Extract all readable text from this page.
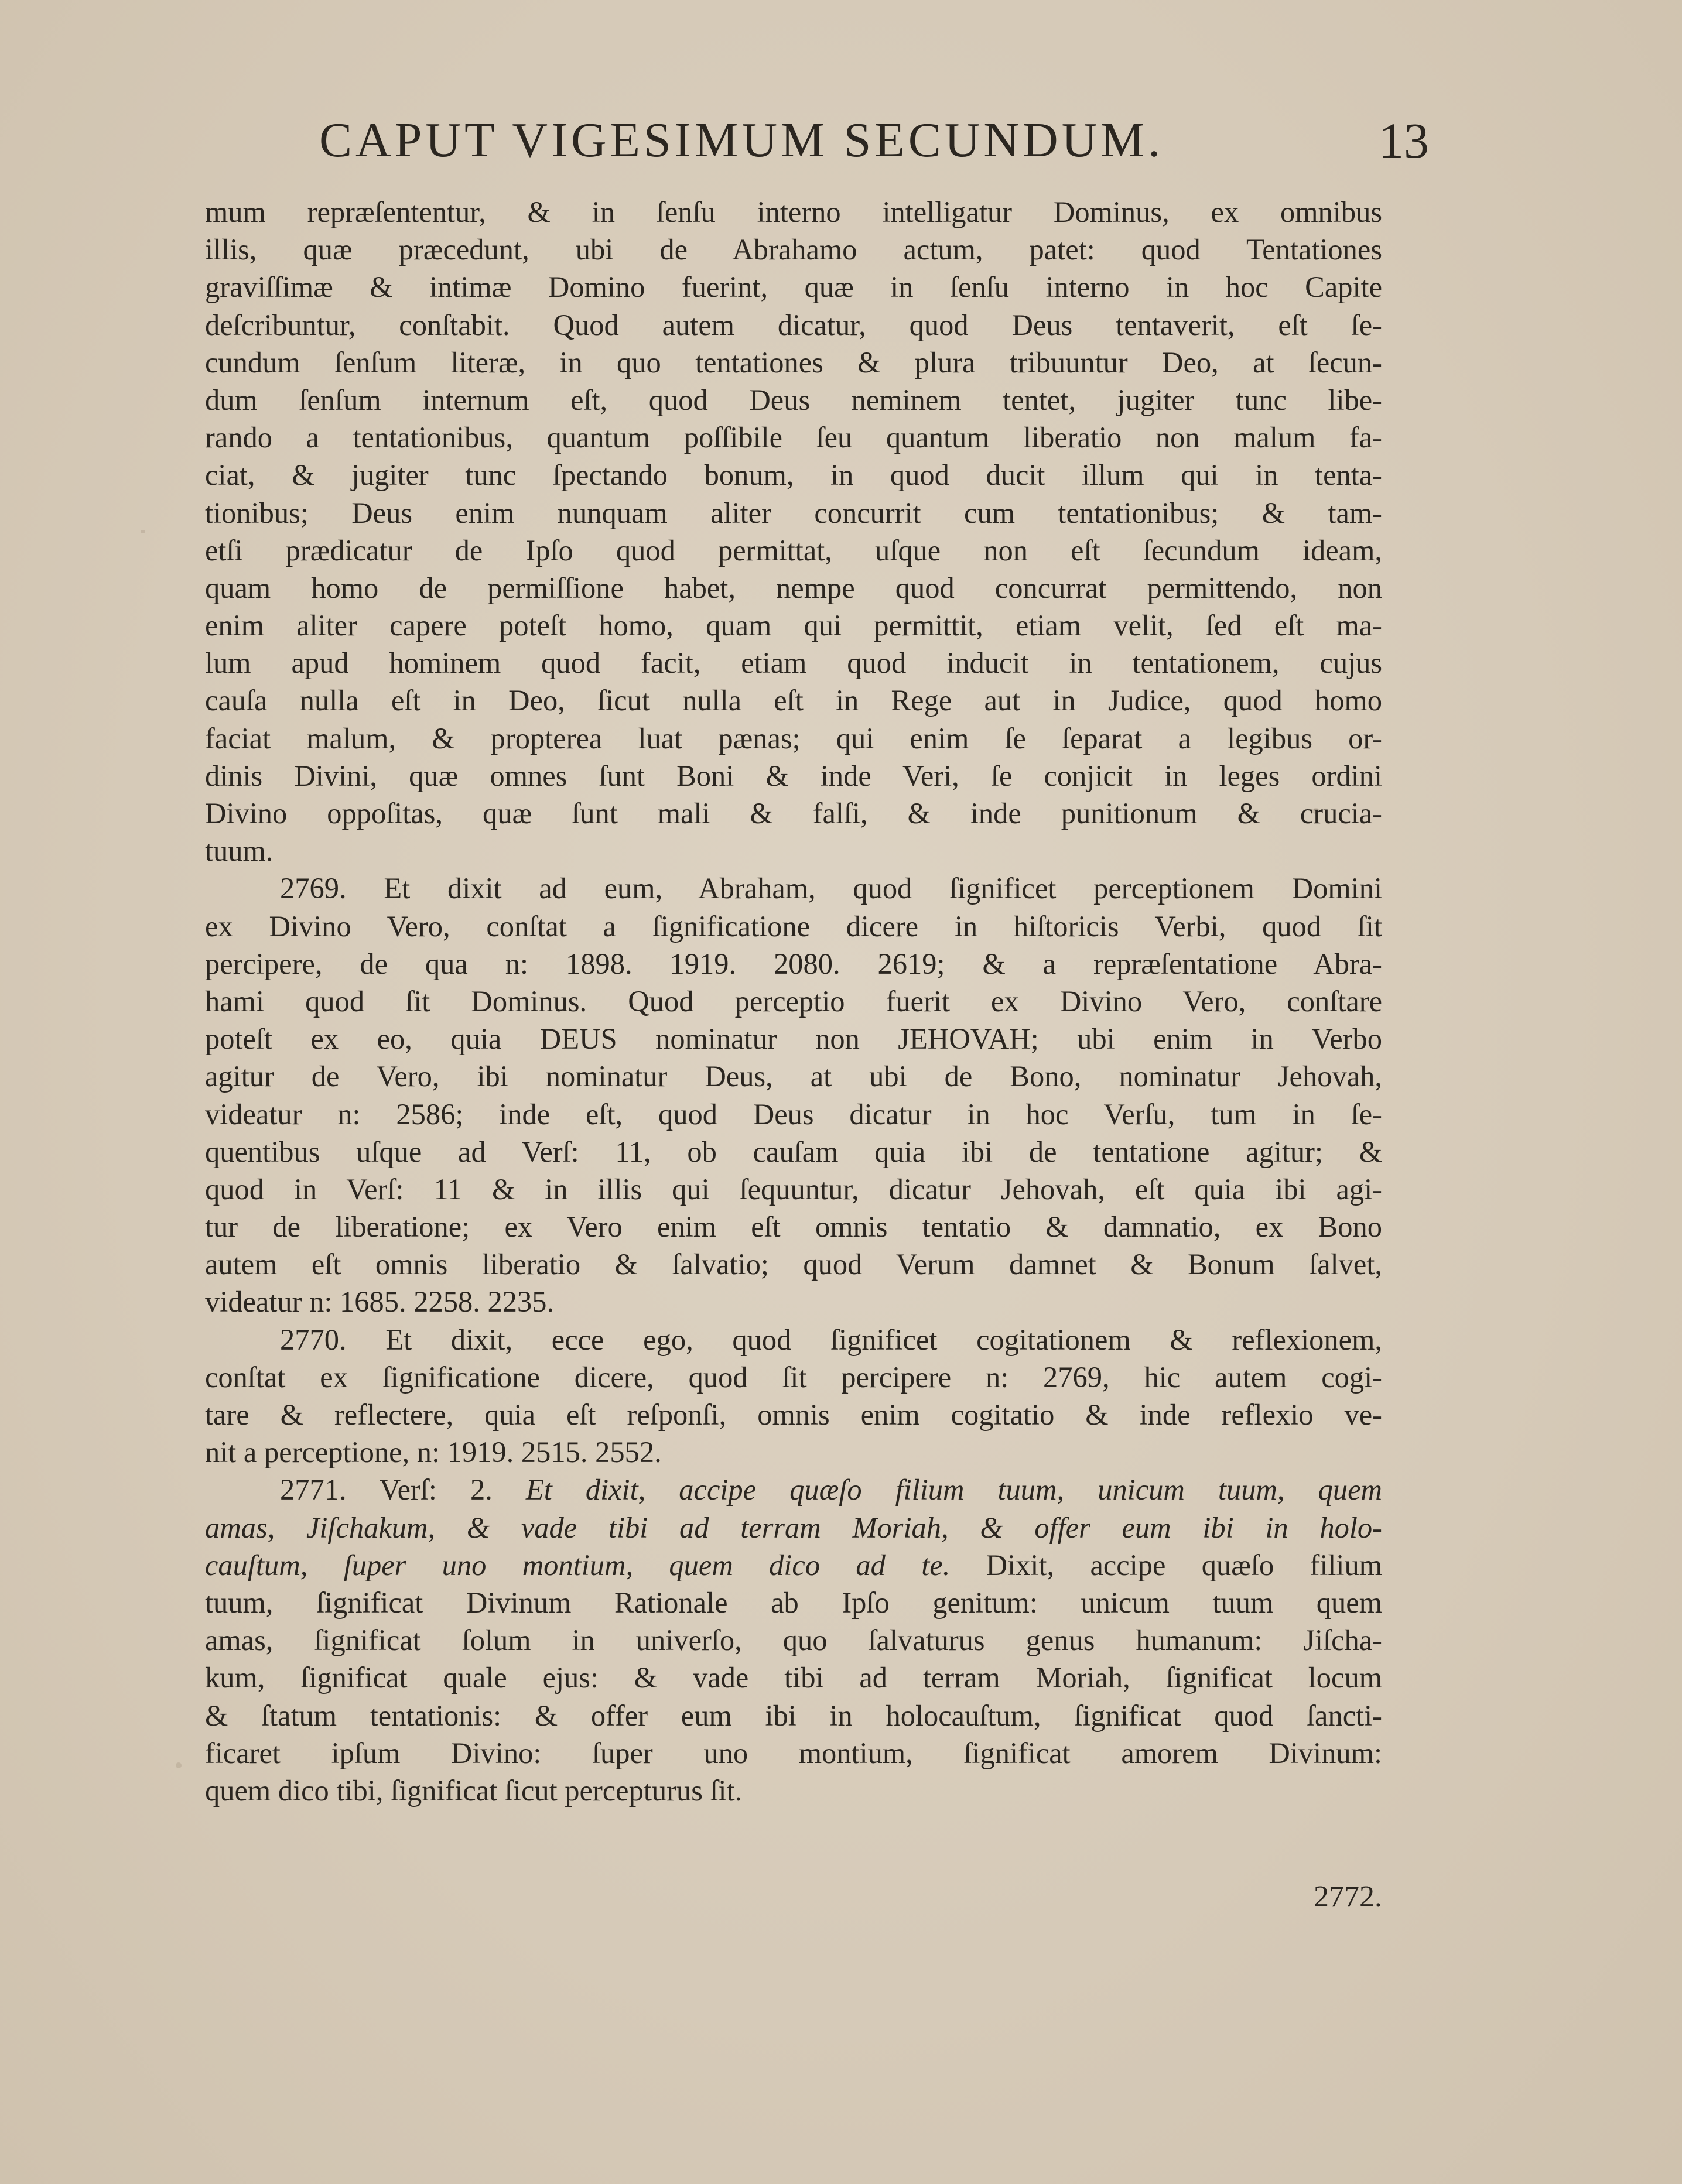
CAPUT VIGESIMUM SECUNDUM.	13
mum repræſententur, & in ſenſu interno intelligatur Dominus, ex omnibus
illis, quæ præcedunt, ubi de Abrahamo actum, patet: quod Tentationes
graviſſimæ & intimæ Domino fuerint, quæ in ſenſu interno in hoc Capite
deſcribuntur, conſtabit. Quod autem dicatur, quod Deus tentaverit, eſt ſe-
cundum ſenſum literæ, in quo tentationes & plura tribuuntur Deo, at ſecun-
dum ſenſum internum eſt, quod Deus neminem tentet, jugiter tunc libe-
rando a tentationibus, quantum poſſibile ſeu quantum liberatio non malum fa-
ciat, & jugiter tunc ſpectando bonum, in quod ducit illum qui in tenta-
tionibus; Deus enim nunquam aliter concurrit cum tentationibus; & tam-
etſi prædicatur de Ipſo quod permittat, uſque non eſt ſecundum ideam,
quam homo de permiſſione habet, nempe quod concurrat permittendo, non
enim aliter capere poteſt homo, quam qui permittit, etiam velit, ſed eſt ma-
lum apud hominem quod facit, etiam quod inducit in tentationem, cujus
cauſa nulla eſt in Deo, ſicut nulla eſt in Rege aut in Judice, quod homo
faciat malum, & propterea luat pænas; qui enim ſe ſeparat a legibus or-
dinis Divini, quæ omnes ſunt Boni & inde Veri, ſe conjicit in leges ordini
Divino oppoſitas, quæ ſunt mali & falſi, & inde punitionum & crucia-
tuum.
2769. Et dixit ad eum, Abraham, quod ſignificet perceptionem Domini
ex Divino Vero, conſtat a ſignificatione dicere in hiſtoricis Verbi, quod ſit
percipere, de qua n: 1898. 1919. 2080. 2619; & a repræſentatione Abra-
hami quod ſit Dominus. Quod perceptio fuerit ex Divino Vero, conſtare
poteſt ex eo, quia DEUS nominatur non JEHOVAH; ubi enim in Verbo
agitur de Vero, ibi nominatur Deus, at ubi de Bono, nominatur Jehovah,
videatur n: 2586; inde eſt, quod Deus dicatur in hoc Verſu, tum in ſe-
quentibus uſque ad Verſ: 11, ob cauſam quia ibi de tentatione agitur; &
quod in Verſ: 11 & in illis qui ſequuntur, dicatur Jehovah, eſt quia ibi agi-
tur de liberatione; ex Vero enim eſt omnis tentatio & damnatio, ex Bono
autem eſt omnis liberatio & ſalvatio; quod Verum damnet & Bonum ſalvet,
videatur n: 1685. 2258. 2235.
2770. Et dixit, ecce ego, quod ſignificet cogitationem & reflexionem,
conſtat ex ſignificatione dicere, quod ſit percipere n: 2769, hic autem cogi-
tare & reflectere, quia eſt reſponſi, omnis enim cogitatio & inde reflexio ve-
nit a perceptione, n: 1919. 2515. 2552.
2771. Verſ: 2. Et dixit, accipe quæſo filium tuum, unicum tuum, quem
amas, Jiſchakum, & vade tibi ad terram Moriah, & offer eum ibi in holo-
cauſtum, ſuper uno montium, quem dico ad te. Dixit, accipe quæſo filium
tuum, ſignificat Divinum Rationale ab Ipſo genitum: unicum tuum quem
amas, ſignificat ſolum in univerſo, quo ſalvaturus genus humanum: Jiſcha-
kum, ſignificat quale ejus: & vade tibi ad terram Moriah, ſignificat locum
& ſtatum tentationis: & offer eum ibi in holocauſtum, ſignificat quod ſancti-
ficaret ipſum Divino: ſuper uno montium, ſignificat amorem Divinum:
quem dico tibi, ſignificat ſicut percepturus ſit.
2772.
